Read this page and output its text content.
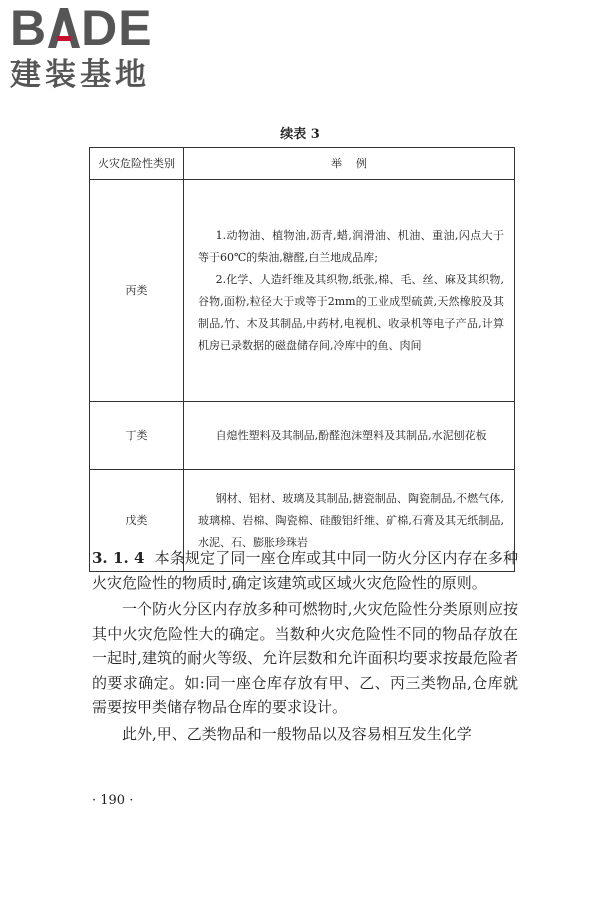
B DE
建装基地
续表 3
火灾危险性类别	举    例
丙类	1.动物油、植物油,沥青,蜡,润滑油、机油、重油,闪点大于等于60℃的柴油,糖醛,白兰地成品库;

2.化学、人造纤维及其织物,纸张,棉、毛、丝、麻及其织物,谷物,面粉,粒径大于或等于2mm的工业成型硫黄,天然橡胶及其制品,竹、木及其制品,中药材,电视机、收录机等电子产品,计算机房已录数据的磁盘储存间,冷库中的鱼、肉间

丁类	自熄性塑料及其制品,酚醛泡沫塑料及其制品,水泥刨花板

戊类	钢材、铝材、玻璃及其制品,搪瓷制品、陶瓷制品,不燃气体,玻璃棉、岩棉、陶瓷棉、硅酸铝纤维、矿棉,石膏及其无纸制品,水泥、石、膨胀珍珠岩

3. 1. 4 本条规定了同一座仓库或其中同一防火分区内存在多种火灾危险性的物质时,确定该建筑或区域火灾危险性的原则。

一个防火分区内存放多种可燃物时,火灾危险性分类原则应按其中火灾危险性大的确定。当数种火灾危险性不同的物品存放在一起时,建筑的耐火等级、允许层数和允许面积均要求按最危险者的要求确定。如:同一座仓库存放有甲、乙、丙三类物品,仓库就需要按甲类储存物品仓库的要求设计。

此外,甲、乙类物品和一般物品以及容易相互发生化学

· 190 ·
